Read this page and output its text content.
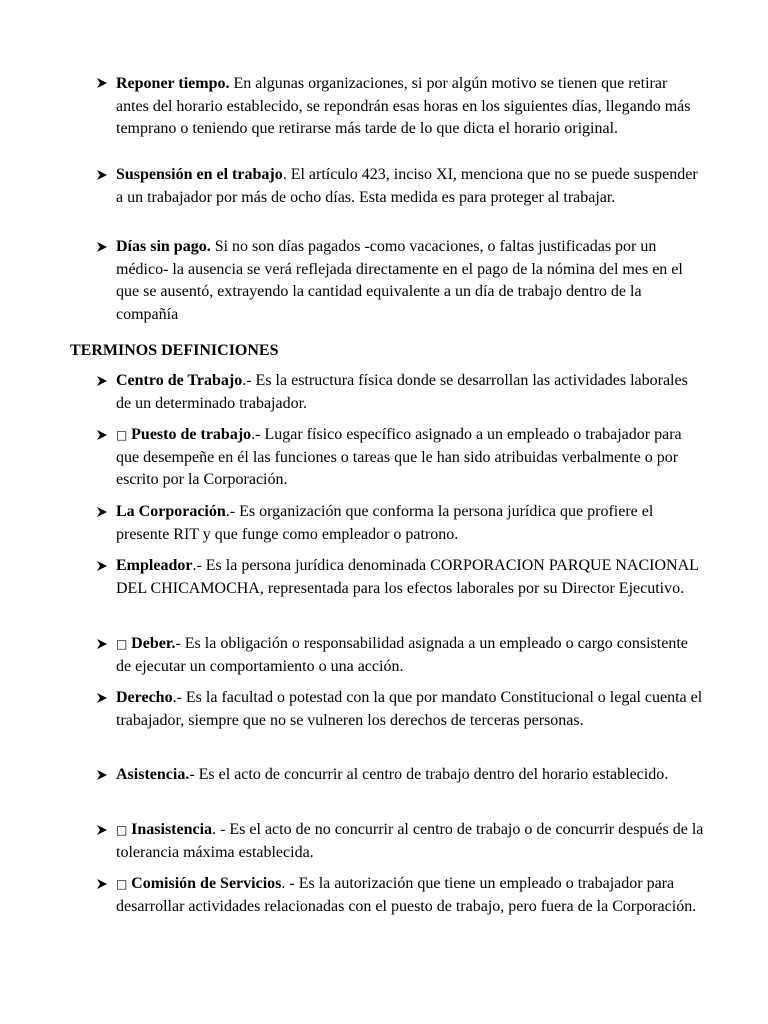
Reponer tiempo. En algunas organizaciones, si por algún motivo se tienen que retirar antes del horario establecido, se repondrán esas horas en los siguientes días, llegando más temprano o teniendo que retirarse más tarde de lo que dicta el horario original.

Suspensión en el trabajo. El artículo 423, inciso XI, menciona que no se puede suspender a un trabajador por más de ocho días. Esta medida es para proteger al trabajar.

Días sin pago. Si no son días pagados -como vacaciones, o faltas justificadas por un médico- la ausencia se verá reflejada directamente en el pago de la nómina del mes en el que se ausentó, extrayendo la cantidad equivalente a un día de trabajo dentro de la compañía

TERMINOS DEFINICIONES

Centro de Trabajo.- Es la estructura física donde se desarrollan las actividades laborales de un determinado trabajador.

□ Puesto de trabajo.- Lugar físico específico asignado a un empleado o trabajador para que desempeñe en él las funciones o tareas que le han sido atribuidas verbalmente o por escrito por la Corporación.

La Corporación.- Es organización que conforma la persona jurídica que profiere el presente RIT y que funge como empleador o patrono.

Empleador.- Es la persona jurídica denominada CORPORACION PARQUE NACIONAL DEL CHICAMOCHA, representada para los efectos laborales por su Director Ejecutivo.

□ Deber.- Es la obligación o responsabilidad asignada a un empleado o cargo consistente de ejecutar un comportamiento o una acción.

Derecho.- Es la facultad o potestad con la que por mandato Constitucional o legal cuenta el trabajador, siempre que no se vulneren los derechos de terceras personas.

Asistencia.- Es el acto de concurrir al centro de trabajo dentro del horario establecido.

□ Inasistencia. - Es el acto de no concurrir al centro de trabajo o de concurrir después de la tolerancia máxima establecida.

□ Comisión de Servicios. - Es la autorización que tiene un empleado o trabajador para desarrollar actividades relacionadas con el puesto de trabajo, pero fuera de la Corporación.
